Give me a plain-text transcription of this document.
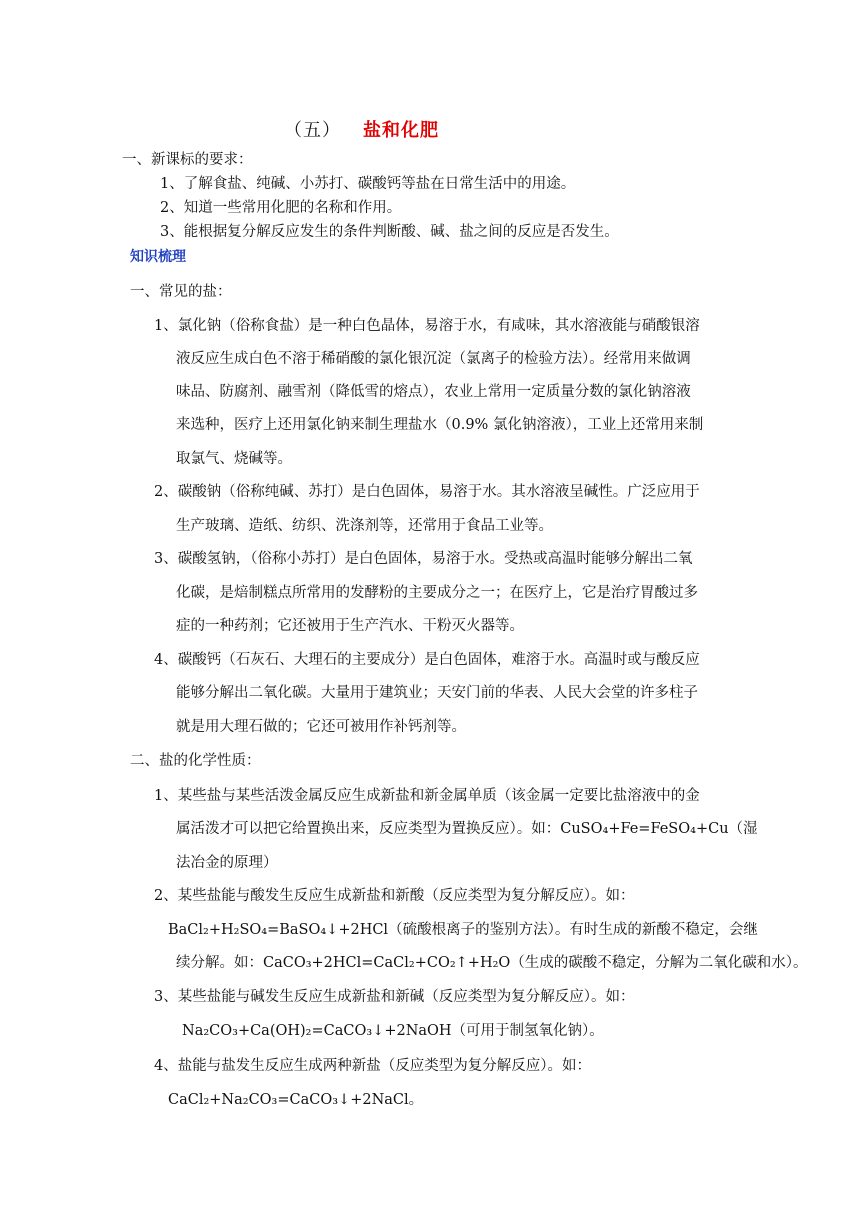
（五） 盐和化肥
一、新课标的要求：
1、了解食盐、纯碱、小苏打、碳酸钙等盐在日常生活中的用途。
2、知道一些常用化肥的名称和作用。
3、能根据复分解反应发生的条件判断酸、碱、盐之间的反应是否发生。
知识梳理
一、常见的盐：
1、氯化钠（俗称食盐）是一种白色晶体，易溶于水，有咸味，其水溶液能与硝酸银溶
液反应生成白色不溶于稀硝酸的氯化银沉淀（氯离子的检验方法）。经常用来做调
味品、防腐剂、融雪剂（降低雪的熔点），农业上常用一定质量分数的氯化钠溶液
来选种，医疗上还用氯化钠来制生理盐水（0.9% 氯化钠溶液），工业上还常用来制
取氯气、烧碱等。
2、碳酸钠（俗称纯碱、苏打）是白色固体，易溶于水。其水溶液呈碱性。广泛应用于
生产玻璃、造纸、纺织、洗涤剂等，还常用于食品工业等。
3、碳酸氢钠，（俗称小苏打）是白色固体，易溶于水。受热或高温时能够分解出二氧
化碳，是焙制糕点所常用的发酵粉的主要成分之一；在医疗上，它是治疗胃酸过多
症的一种药剂；它还被用于生产汽水、干粉灭火器等。
4、碳酸钙（石灰石、大理石的主要成分）是白色固体，难溶于水。高温时或与酸反应
能够分解出二氧化碳。大量用于建筑业；天安门前的华表、人民大会堂的许多柱子
就是用大理石做的；它还可被用作补钙剂等。
二、盐的化学性质：
1、某些盐与某些活泼金属反应生成新盐和新金属单质（该金属一定要比盐溶液中的金
属活泼才可以把它给置换出来，反应类型为置换反应）。如：CuSO₄+Fe=FeSO₄+Cu（湿
法冶金的原理）
2、某些盐能与酸发生反应生成新盐和新酸（反应类型为复分解反应）。如：
BaCl₂+H₂SO₄=BaSO₄↓+2HCl（硫酸根离子的鉴别方法）。有时生成的新酸不稳定，会继
续分解。如：CaCO₃+2HCl=CaCl₂+CO₂↑+H₂O（生成的碳酸不稳定，分解为二氧化碳和水）。
3、某些盐能与碱发生反应生成新盐和新碱（反应类型为复分解反应）。如：
Na₂CO₃+Ca(OH)₂=CaCO₃↓+2NaOH（可用于制氢氧化钠）。
4、盐能与盐发生反应生成两种新盐（反应类型为复分解反应）。如：
CaCl₂+Na₂CO₃=CaCO₃↓+2NaCl。
